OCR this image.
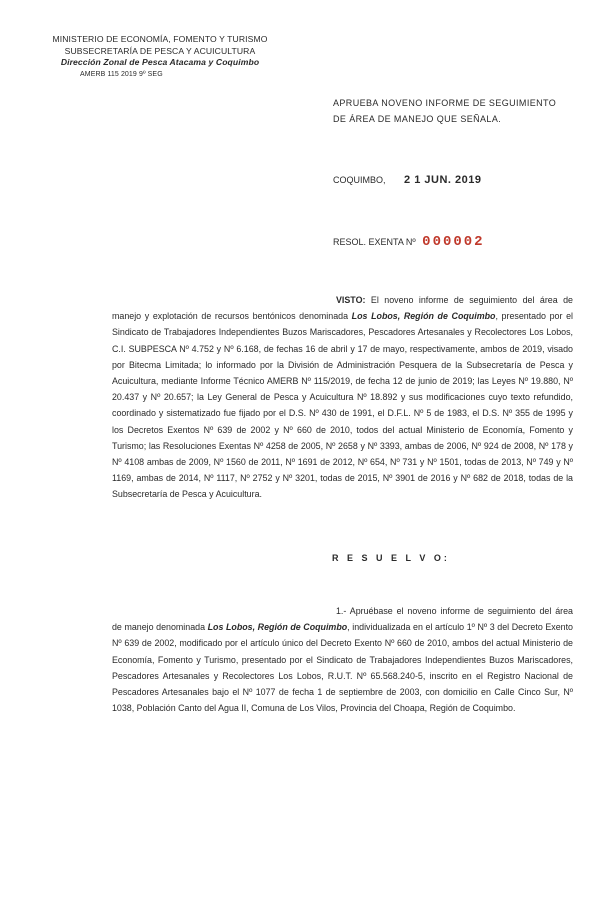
MINISTERIO DE ECONOMÍA, FOMENTO Y TURISMO
SUBSECRETARÍA DE PESCA Y ACUICULTURA
Dirección Zonal de Pesca Atacama y Coquimbo
AMERB 115 2019 9º SEG
APRUEBA NOVENO INFORME DE SEGUIMIENTO
DE ÁREA DE MANEJO QUE SEÑALA.
COQUIMBO, 2 1 JUN. 2019
RESOL. EXENTA Nº 000002
VISTO: El noveno informe de seguimiento del área de manejo y explotación de recursos bentónicos denominada Los Lobos, Región de Coquimbo, presentado por el Sindicato de Trabajadores Independientes Buzos Mariscadores, Pescadores Artesanales y Recolectores Los Lobos, C.I. SUBPESCA Nº 4.752 y Nº 6.168, de fechas 16 de abril y 17 de mayo, respectivamente, ambos de 2019, visado por Bitecma Limitada; lo informado por la División de Administración Pesquera de la Subsecretaría de Pesca y Acuicultura, mediante Informe Técnico AMERB Nº 115/2019, de fecha 12 de junio de 2019; las Leyes Nº 19.880, Nº 20.437 y Nº 20.657; la Ley General de Pesca y Acuicultura Nº 18.892 y sus modificaciones cuyo texto refundido, coordinado y sistematizado fue fijado por el D.S. Nº 430 de 1991, el D.F.L. Nº 5 de 1983, el D.S. Nº 355 de 1995 y los Decretos Exentos Nº 639 de 2002 y Nº 660 de 2010, todos del actual Ministerio de Economía, Fomento y Turismo; las Resoluciones Exentas Nº 4258 de 2005, Nº 2658 y Nº 3393, ambas de 2006, Nº 924 de 2008, Nº 178 y Nº 4108 ambas de 2009, Nº 1560 de 2011, Nº 1691 de 2012, Nº 654, Nº 731 y Nº 1501, todas de 2013, Nº 749 y Nº 1169, ambas de 2014, Nº 1117, Nº 2752 y Nº 3201, todas de 2015, Nº 3901 de 2016 y Nº 682 de 2018, todas de la Subsecretaría de Pesca y Acuicultura.
R E S U E L V O:
1.- Apruébase el noveno informe de seguimiento del área de manejo denominada Los Lobos, Región de Coquimbo, individualizada en el artículo 1º Nº 3 del Decreto Exento Nº 639 de 2002, modificado por el artículo único del Decreto Exento Nº 660 de 2010, ambos del actual Ministerio de Economía, Fomento y Turismo, presentado por el Sindicato de Trabajadores Independientes Buzos Mariscadores, Pescadores Artesanales y Recolectores Los Lobos, R.U.T. Nº 65.568.240-5, inscrito en el Registro Nacional de Pescadores Artesanales bajo el Nº 1077 de fecha 1 de septiembre de 2003, con domicilio en Calle Cinco Sur, Nº 1038, Población Canto del Agua II, Comuna de Los Vilos, Provincia del Choapa, Región de Coquimbo.
